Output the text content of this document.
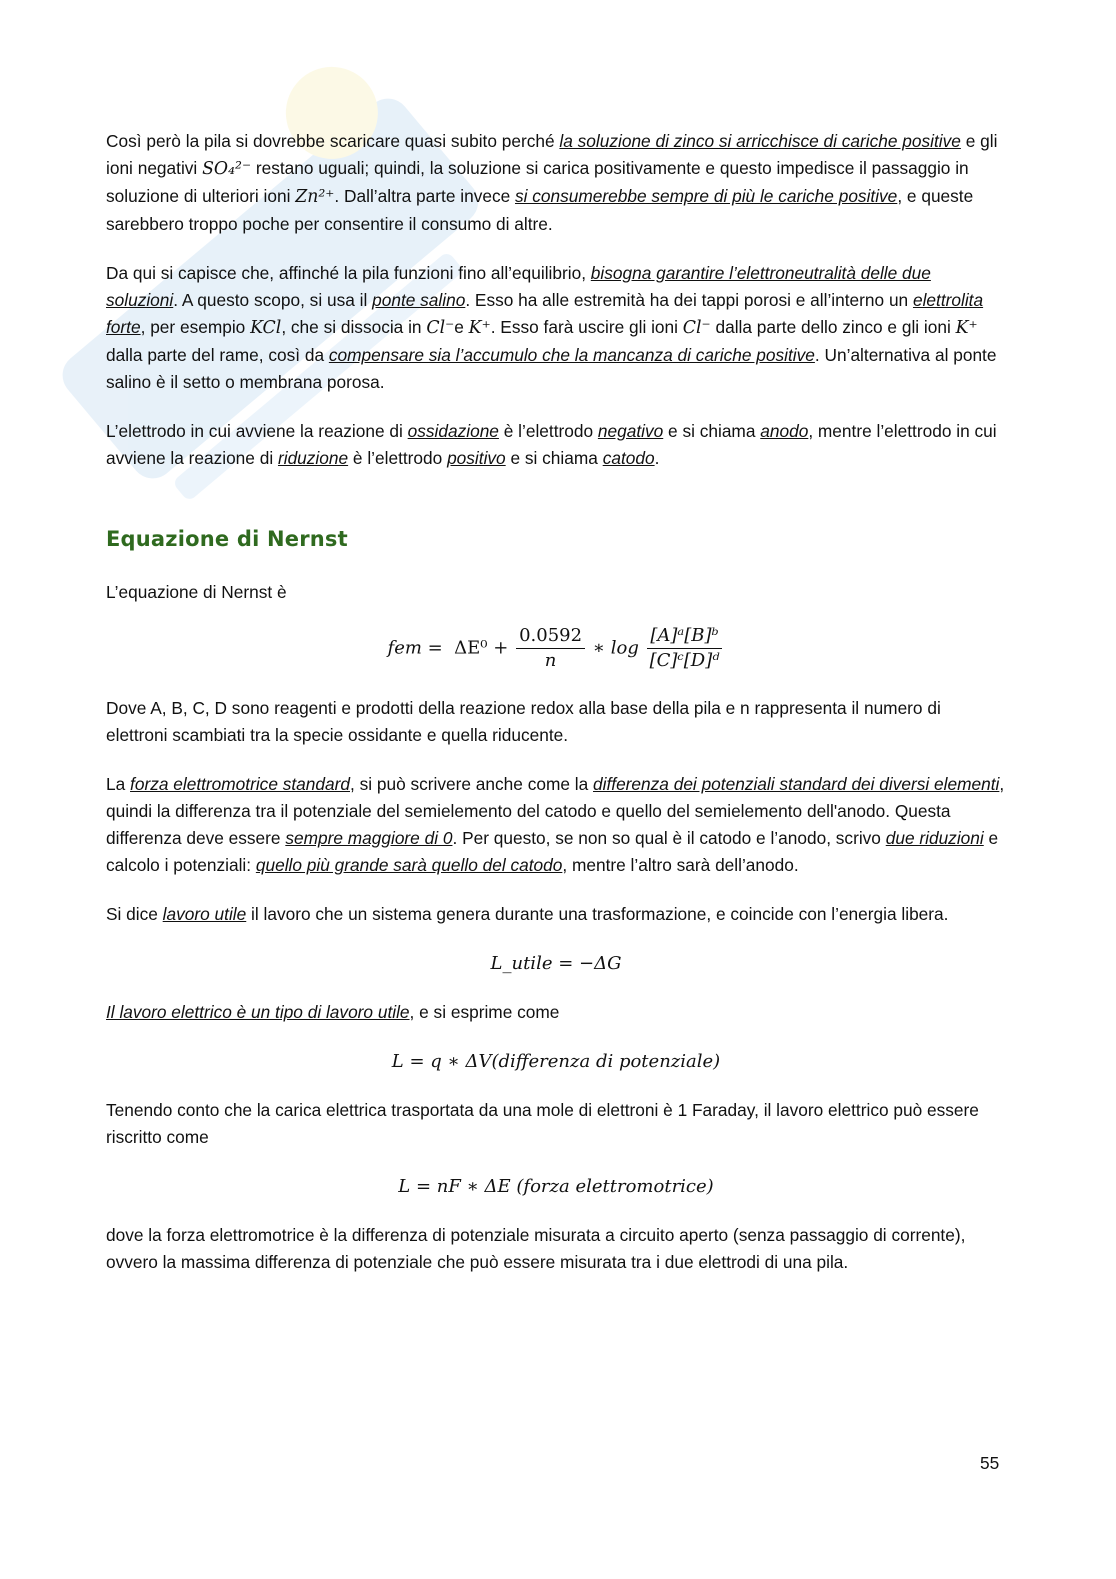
Così però la pila si dovrebbe scaricare quasi subito perché la soluzione di zinco si arricchisce di cariche positive e gli ioni negativi SO₄²⁻ restano uguali; quindi, la soluzione si carica positivamente e questo impedisce il passaggio in soluzione di ulteriori ioni Zn²⁺. Dall’altra parte invece si consumerebbe sempre di più le cariche positive, e queste sarebbero troppo poche per consentire il consumo di altre.

Da qui si capisce che, affinché la pila funzioni fino all’equilibrio, bisogna garantire l’elettroneutralità delle due soluzioni. A questo scopo, si usa il ponte salino. Esso ha alle estremità ha dei tappi porosi e all’interno un elettrolita forte, per esempio KCl, che si dissocia in Cl⁻e K⁺. Esso farà uscire gli ioni Cl⁻ dalla parte dello zinco e gli ioni K⁺ dalla parte del rame, così da compensare sia l’accumulo che la mancanza di cariche positive. Un’alternativa al ponte salino è il setto o membrana porosa.

L’elettrodo in cui avviene la reazione di ossidazione è l’elettrodo negativo e si chiama anodo, mentre l’elettrodo in cui avviene la reazione di riduzione è l’elettrodo positivo e si chiama catodo.

Equazione di Nernst

L’equazione di Nernst è

fem = $\Delta E^0 + \frac{0.0592}{n}$ ∗ $\log \frac{\text{[A]ᵃ[B]ᵇ}}{\text{[C]ᶜ[D]ᵈ}}$

Dove A, B, C, D sono reagenti e prodotti della reazione redox alla base della pila e n rappresenta il numero di elettroni scambiati tra la specie ossidante e quella riducente.

La forza elettromotrice standard, si può scrivere anche come la differenza dei potenziali standard dei diversi elementi, quindi la differenza tra il potenziale del semielemento del catodo e quello del semielemento dell'anodo. Questa differenza deve essere sempre maggiore di 0. Per questo, se non so qual è il catodo e l’anodo, scrivo due riduzioni e calcolo i potenziali: quello più grande sarà quello del catodo, mentre l’altro sarà dell’anodo.

Si dice lavoro utile il lavoro che un sistema genera durante una trasformazione, e coincide con l’energia libera.

L_utile = −ΔG

Il lavoro elettrico è un tipo di lavoro utile, e si esprime come

L = q ∗ ΔV(differenza di potenziale)

Tenendo conto che la carica elettrica trasportata da una mole di elettroni è 1 Faraday, il lavoro elettrico può essere riscritto come

L = nF ∗ ΔE (forza elettromotrice)

dove la forza elettromotrice è la differenza di potenziale misurata a circuito aperto (senza passaggio di corrente), ovvero la massima differenza di potenziale che può essere misurata tra i due elettrodi di una pila.

55
